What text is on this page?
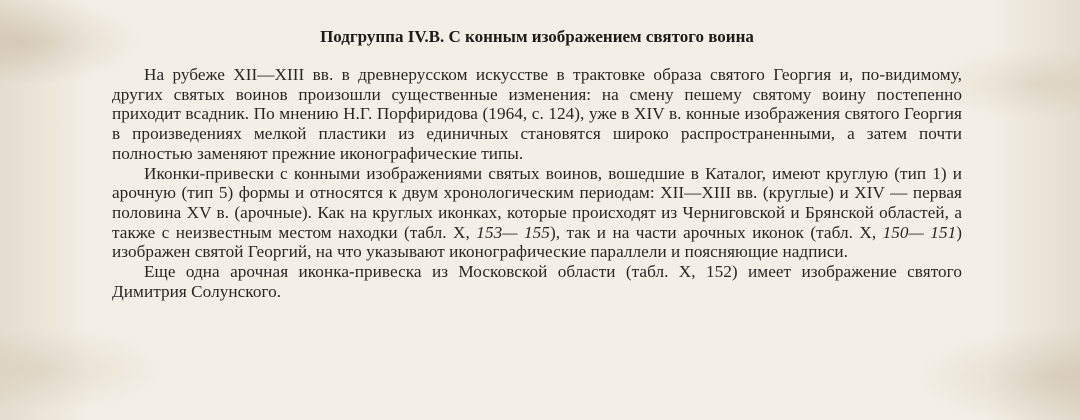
Подгруппа IV.В. С конным изображением святого воина

На рубеже XII—XIII вв. в древнерусском искусстве в трактовке образа святого Георгия и, по-видимому, других святых воинов произошли существенные изменения: на смену пешему святому воину постепенно приходит всадник. По мнению Н.Г. Порфиридова (1964, с. 124), уже в XIV в. конные изображения святого Георгия в произведениях мелкой пластики из единичных становятся широко распространенными, а затем почти полностью заменяют прежние иконографические типы.

Иконки-привески с конными изображениями святых воинов, вошедшие в Каталог, имеют круглую (тип 1) и арочную (тип 5) формы и относятся к двум хронологическим периодам: XII—XIII вв. (круглые) и XIV — первая половина XV в. (арочные). Как на круглых иконках, которые происходят из Черниговской и Брянской областей, а также с неизвестным местом находки (табл. X, 153— 155), так и на части арочных иконок (табл. X, 150— 151) изображен святой Георгий, на что указывают иконографические параллели и поясняющие надписи.

Еще одна арочная иконка-привеска из Московской области (табл. X, 152) имеет изображение святого Димитрия Солунского.
